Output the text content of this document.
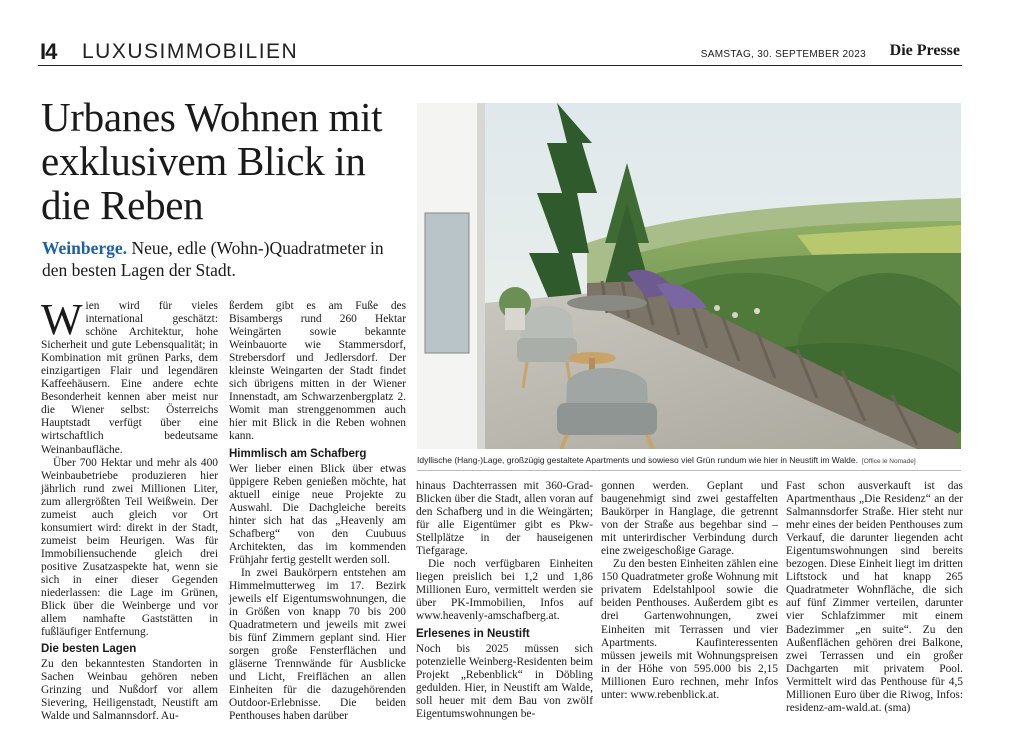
I4 LUXUSIMMOBILIEN	SAMSTAG, 30. SEPTEMBER 2023 Die Presse
Urbanes Wohnen mit exklusivem Blick in die Reben
Weinberge. Neue, edle (Wohn-)Quadratmeter in den besten Lagen der Stadt.

Wien wird für vieles international geschätzt: schöne Architektur, hohe Sicherheit und gute Lebensqualität; in Kombination mit grünen Parks, dem einzigartigen Flair und legendären Kaffeehäusern. Eine andere echte Besonderheit kennen aber meist nur die Wiener selbst: Österreichs Hauptstadt verfügt über eine wirtschaftlich bedeutsame Weinanbaufläche.

Über 700 Hektar und mehr als 400 Weinbaubetriebe produzieren hier jährlich rund zwei Millionen Liter, zum allergrößten Teil Weißwein. Der zumeist auch gleich vor Ort konsumiert wird: direkt in der Stadt, zumeist beim Heurigen. Was für Immobiliensuchende gleich drei positive Zusatzaspekte hat, wenn sie sich in einer dieser Gegenden niederlassen: die Lage im Grünen, Blick über die Weinberge und vor allem namhafte Gaststätten in fußläufiger Entfernung.

Die besten Lagen

Zu den bekanntesten Standorten in Sachen Weinbau gehören neben Grinzing und Nußdorf vor allem Sievering, Heiligenstadt, Neustift am Walde und Salmannsdorf. Au-

ßerdem gibt es am Fuße des Bisambergs rund 260 Hektar Weingärten sowie bekannte Weinbauorte wie Stammersdorf, Strebersdorf und Jedlersdorf. Der kleinste Weingarten der Stadt findet sich übrigens mitten in der Wiener Innenstadt, am Schwarzenbergplatz 2. Womit man strenggenommen auch hier mit Blick in die Reben wohnen kann.

Himmlisch am Schafberg

Wer lieber einen Blick über etwas üppigere Reben genießen möchte, hat aktuell einige neue Projekte zu Auswahl. Die Dachgleiche bereits hinter sich hat das „Heavenly am Schafberg“ von den Cuubuus Architekten, das im kommenden Frühjahr fertig gestellt werden soll.

In zwei Baukörpern entstehen am Himmelmutterweg im 17. Bezirk jeweils elf Eigentumswohnungen, die in Größen von knapp 70 bis 200 Quadratmetern und jeweils mit zwei bis fünf Zimmern geplant sind. Hier sorgen große Fensterflächen und gläserne Trennwände für Ausblicke und Licht, Freiflächen an allen Einheiten für die dazugehörenden Outdoor-Erlebnisse. Die beiden Penthouses haben darüber

Idyllische (Hang-)Lage, großzügig gestaltete Apartments und sowieso viel Grün rundum wie hier in Neustift im Walde. [Office le Nomade]

hinaus Dachterrassen mit 360-Grad-Blicken über die Stadt, allen voran auf den Schafberg und in die Weingärten; für alle Eigentümer gibt es Pkw-Stellplätze in der hauseigenen Tiefgarage.

Die noch verfügbaren Einheiten liegen preislich bei 1,2 und 1,86 Millionen Euro, vermittelt werden sie über PK-Immobilien, Infos auf www.heavenly-amschafberg.at.

Erlesenes in Neustift

Noch bis 2025 müssen sich potenzielle Weinberg-Residenten beim Projekt „Rebenblick“ in Döbling gedulden. Hier, in Neustift am Walde, soll heuer mit dem Bau von zwölf Eigentumswohnungen be-

gonnen werden. Geplant und baugenehmigt sind zwei gestaffelten Baukörper in Hanglage, die getrennt von der Straße aus begehbar sind – mit unterirdischer Verbindung durch eine zweigeschoßige Garage.

Zu den besten Einheiten zählen eine 150 Quadratmeter große Wohnung mit privatem Edelstahlpool sowie die beiden Penthouses. Außerdem gibt es drei Gartenwohnungen, zwei Einheiten mit Terrassen und vier Apartments. Kaufinteressenten müssen jeweils mit Wohnungspreisen in der Höhe von 595.000 bis 2,15 Millionen Euro rechnen, mehr Infos unter: www.rebenblick.at.

Fast schon ausverkauft ist das Apartmenthaus „Die Residenz“ an der Salmannsdorfer Straße. Hier steht nur mehr eines der beiden Penthouses zum Verkauf, die darunter liegenden acht Eigentumswohnungen sind bereits bezogen. Diese Einheit liegt im dritten Liftstock und hat knapp 265 Quadratmeter Wohnfläche, die sich auf fünf Zimmer verteilen, darunter vier Schlafzimmer mit einem Badezimmer „en suite“. Zu den Außenflächen gehören drei Balkone, zwei Terrassen und ein großer Dachgarten mit privatem Pool. Vermittelt wird das Penthouse für 4,5 Millionen Euro über die Riwog, Infos: residenz-am-wald.at. (sma)
